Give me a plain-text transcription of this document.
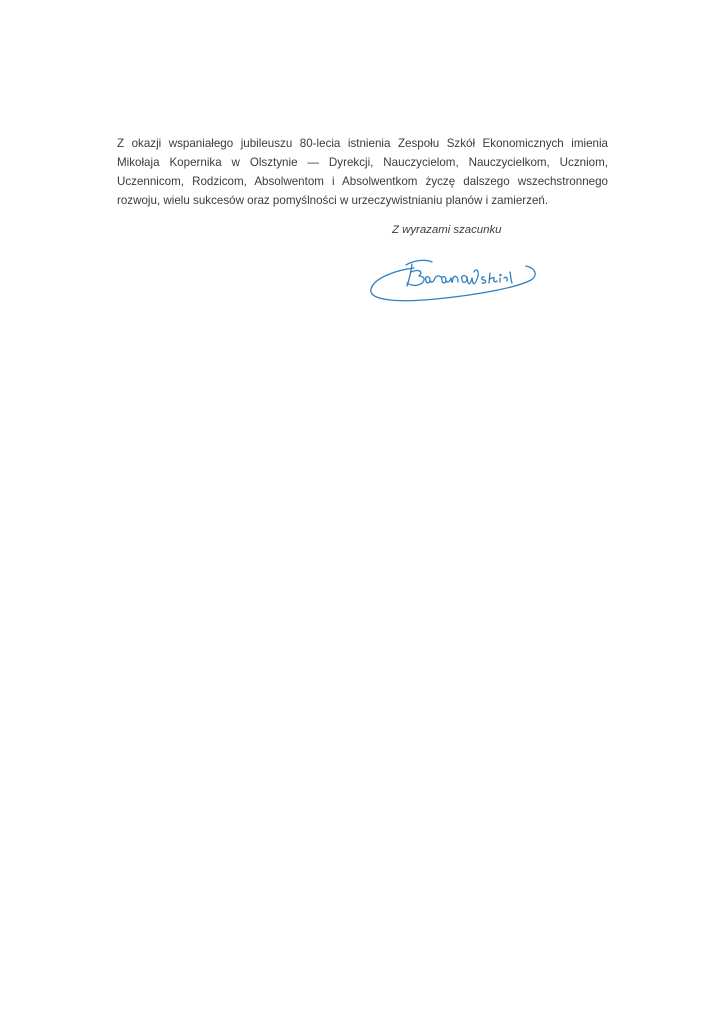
Z okazji wspaniałego jubileuszu 80-lecia istnienia Zespołu Szkół Ekonomicznych imienia Mikołaja Kopernika w Olsztynie — Dyrekcji, Nauczycielom, Nauczycielkom, Uczniom, Uczennicom, Rodzicom, Absolwentom i Absolwentkom życzę dalszego wszechstronnego rozwoju, wielu sukcesów oraz pomyślności w urzeczywistnianiu planów i zamierzeń.

Z wyrazami szacunku
